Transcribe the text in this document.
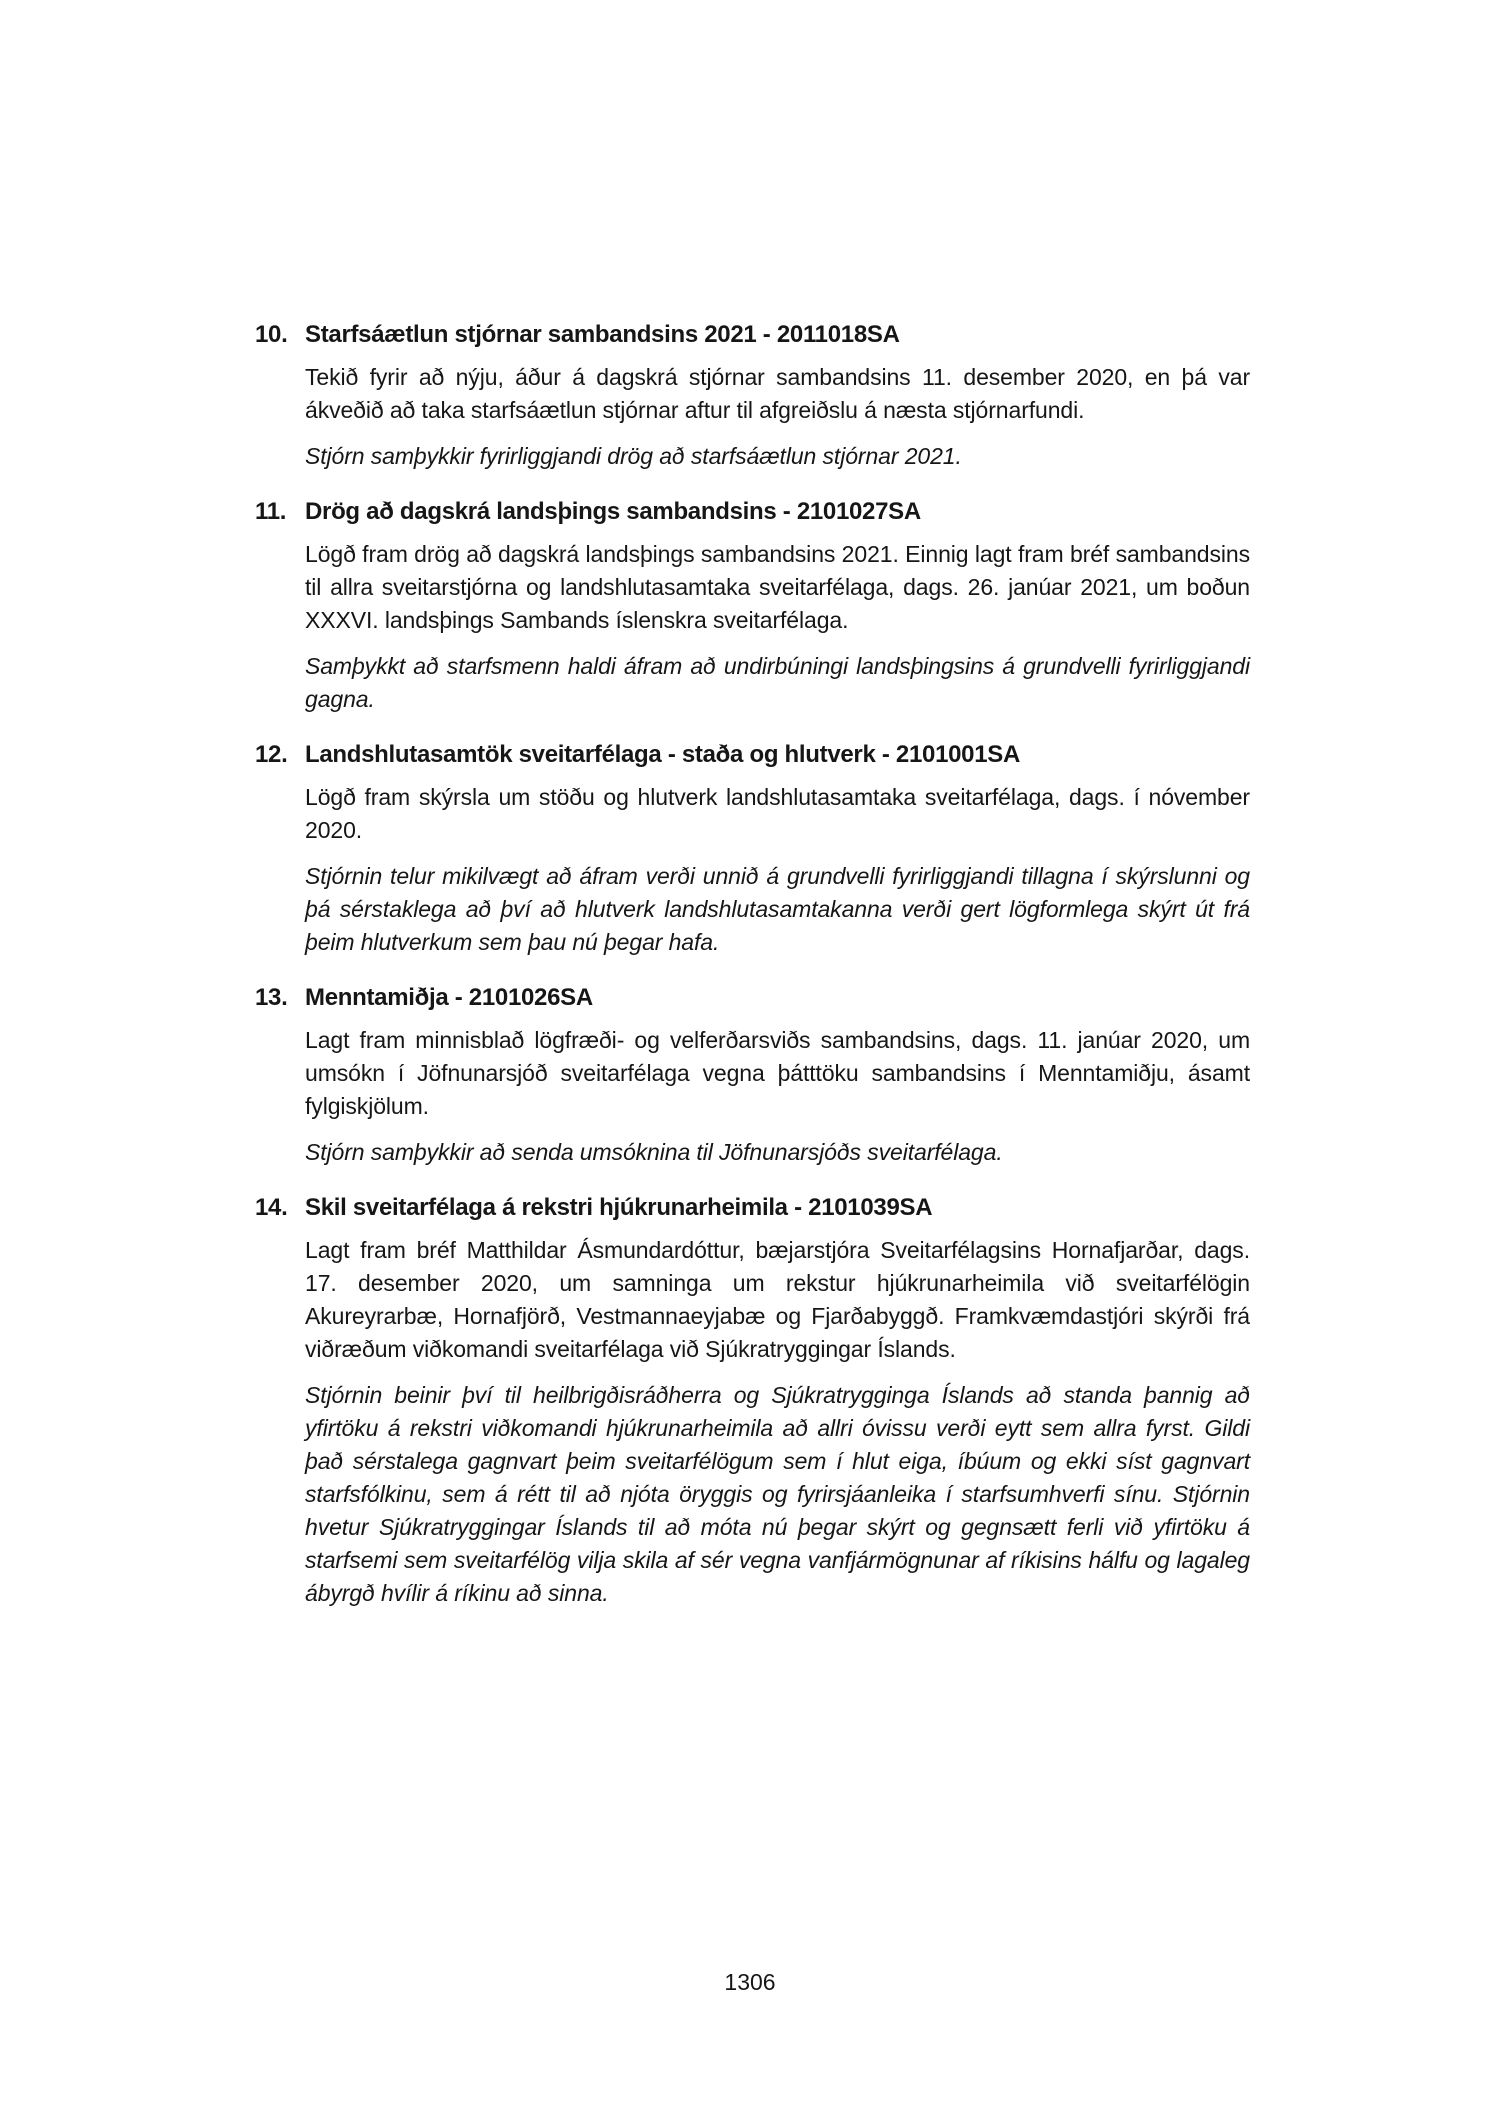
10. Starfsáætlun stjórnar sambandsins 2021 - 2011018SA

Tekið fyrir að nýju, áður á dagskrá stjórnar sambandsins 11. desember 2020, en þá var ákveðið að taka starfsáætlun stjórnar aftur til afgreiðslu á næsta stjórnarfundi.

Stjórn samþykkir fyrirliggjandi drög að starfsáætlun stjórnar 2021.

11. Drög að dagskrá landsþings sambandsins - 2101027SA

Lögð fram drög að dagskrá landsþings sambandsins 2021. Einnig lagt fram bréf sambandsins til allra sveitarstjórna og landshlutasamtaka sveitarfélaga, dags. 26. janúar 2021, um boðun XXXVI. landsþings Sambands íslenskra sveitarfélaga.

Samþykkt að starfsmenn haldi áfram að undirbúningi landsþingsins á grundvelli fyrirliggjandi gagna.

12. Landshlutasamtök sveitarfélaga - staða og hlutverk - 2101001SA

Lögð fram skýrsla um stöðu og hlutverk landshlutasamtaka sveitarfélaga, dags. í nóvember 2020.

Stjórnin telur mikilvægt að áfram verði unnið á grundvelli fyrirliggjandi tillagna í skýrslunni og þá sérstaklega að því að hlutverk landshlutasamtakanna verði gert lögformlega skýrt út frá þeim hlutverkum sem þau nú þegar hafa.

13. Menntamiðja - 2101026SA

Lagt fram minnisblað lögfræði- og velferðarsviðs sambandsins, dags. 11. janúar 2020, um umsókn í Jöfnunarsjóð sveitarfélaga vegna þátttöku sambandsins í Menntamiðju, ásamt fylgiskjölum.

Stjórn samþykkir að senda umsóknina til Jöfnunarsjóðs sveitarfélaga.

14. Skil sveitarfélaga á rekstri hjúkrunarheimila - 2101039SA

Lagt fram bréf Matthildar Ásmundardóttur, bæjarstjóra Sveitarfélagsins Hornafjarðar, dags. 17. desember 2020, um samninga um rekstur hjúkrunarheimila við sveitarfélögin Akureyrarbæ, Hornafjörð, Vestmannaeyjabæ og Fjarðabyggð. Framkvæmdastjóri skýrði frá viðræðum viðkomandi sveitarfélaga við Sjúkratryggingar Íslands.

Stjórnin beinir því til heilbrigðisráðherra og Sjúkratrygginga Íslands að standa þannig að yfirtöku á rekstri viðkomandi hjúkrunarheimila að allri óvissu verði eytt sem allra fyrst. Gildi það sérstalega gagnvart þeim sveitarfélögum sem í hlut eiga, íbúum og ekki síst gagnvart starfsfólkinu, sem á rétt til að njóta öryggis og fyrirsjáanleika í starfsumhverfi sínu. Stjórnin hvetur Sjúkratryggingar Íslands til að móta nú þegar skýrt og gegnsætt ferli við yfirtöku á starfsemi sem sveitarfélög vilja skila af sér vegna vanfjármögnunar af ríkisins hálfu og lagaleg ábyrgð hvílir á ríkinu að sinna.

1306
